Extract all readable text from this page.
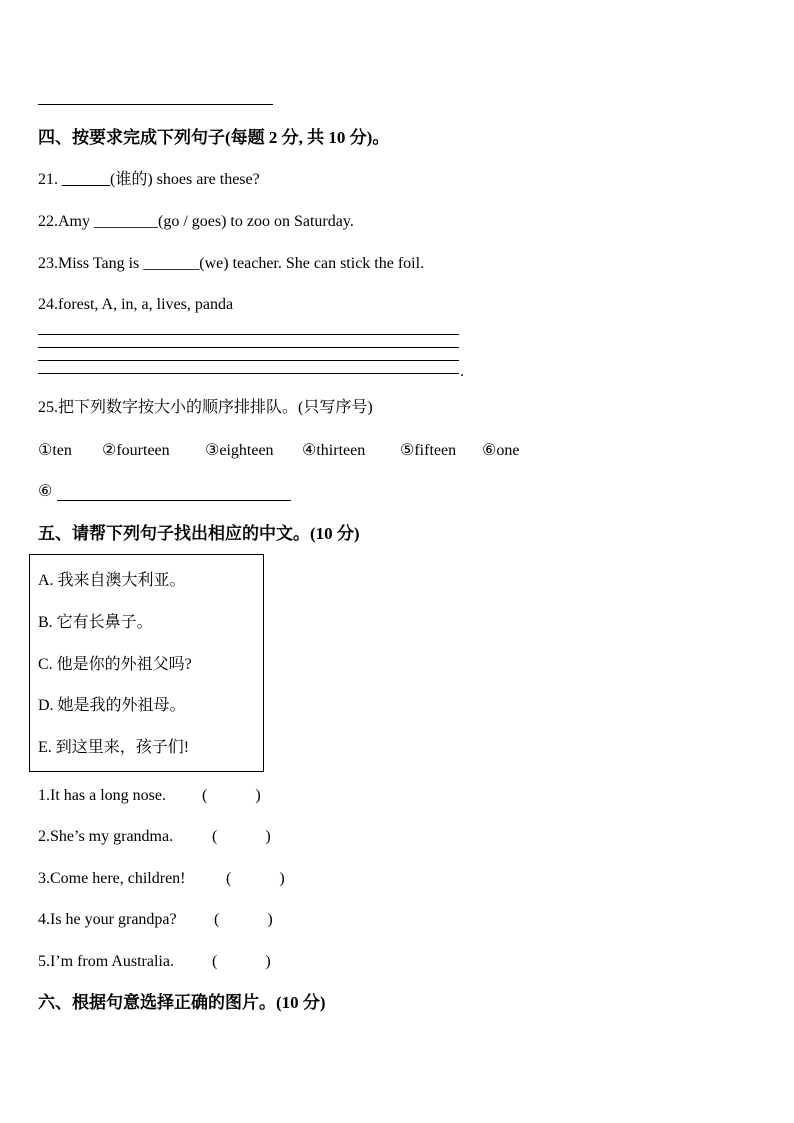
四、按要求完成下列句子(每题 2 分, 共 10 分)。
21. ______(谁的) shoes are these?
22.Amy ________(go / goes) to zoo on Saturday.
23.Miss Tang is _______(we) teacher. She can stick the foil.
24.forest, A, in, a, lives, panda
.
25.把下列数字按大小的顺序排排队。(只写序号)
①ten ②fourteen ③eighteen ④thirteen ⑤fifteen ⑥one
⑥
五、请帮下列句子找出相应的中文。(10 分)
A. 我来自澳大利亚。
B. 它有长鼻子。
C. 他是你的外祖父吗?
D. 她是我的外祖母。
E. 到这里来，孩子们!
1.It has a long nose. (            )
2.She’s my grandma. (            )
3.Come here, children!	(            )
4.Is he your grandpa? (            )
5.I’m from Australia. (            )
六、根据句意选择正确的图片。(10 分)
